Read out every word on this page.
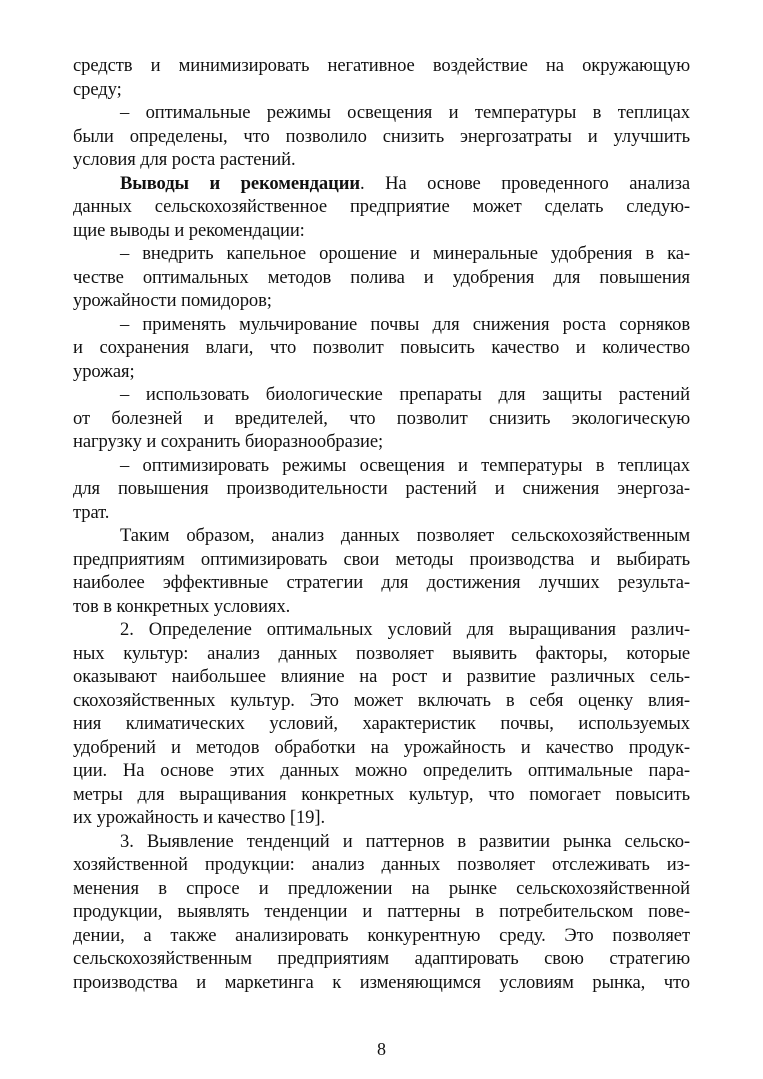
средств и минимизировать негативное воздействие на окружающую
среду;
– оптимальные режимы освещения и температуры в теплицах
были определены, что позволило снизить энергозатраты и улучшить
условия для роста растений.
Выводы и рекомендации. На основе проведенного анализа
данных сельскохозяйственное предприятие может сделать следую-
щие выводы и рекомендации:
– внедрить капельное орошение и минеральные удобрения в ка-
честве оптимальных методов полива и удобрения для повышения
урожайности помидоров;
– применять мульчирование почвы для снижения роста сорняков
и сохранения влаги, что позволит повысить качество и количество
урожая;
– использовать биологические препараты для защиты растений
от болезней и вредителей, что позволит снизить экологическую
нагрузку и сохранить биоразнообразие;
– оптимизировать режимы освещения и температуры в теплицах
для повышения производительности растений и снижения энергоза-
трат.
Таким образом, анализ данных позволяет сельскохозяйственным
предприятиям оптимизировать свои методы производства и выбирать
наиболее эффективные стратегии для достижения лучших результа-
тов в конкретных условиях.
2. Определение оптимальных условий для выращивания различ-
ных культур: анализ данных позволяет выявить факторы, которые
оказывают наибольшее влияние на рост и развитие различных сель-
скохозяйственных культур. Это может включать в себя оценку влия-
ния климатических условий, характеристик почвы, используемых
удобрений и методов обработки на урожайность и качество продук-
ции. На основе этих данных можно определить оптимальные пара-
метры для выращивания конкретных культур, что помогает повысить
их урожайность и качество [19].
3. Выявление тенденций и паттернов в развитии рынка сельско-
хозяйственной продукции: анализ данных позволяет отслеживать из-
менения в спросе и предложении на рынке сельскохозяйственной
продукции, выявлять тенденции и паттерны в потребительском пове-
дении, а также анализировать конкурентную среду. Это позволяет
сельскохозяйственным предприятиям адаптировать свою стратегию
производства и маркетинга к изменяющимся условиям рынка, что
8
